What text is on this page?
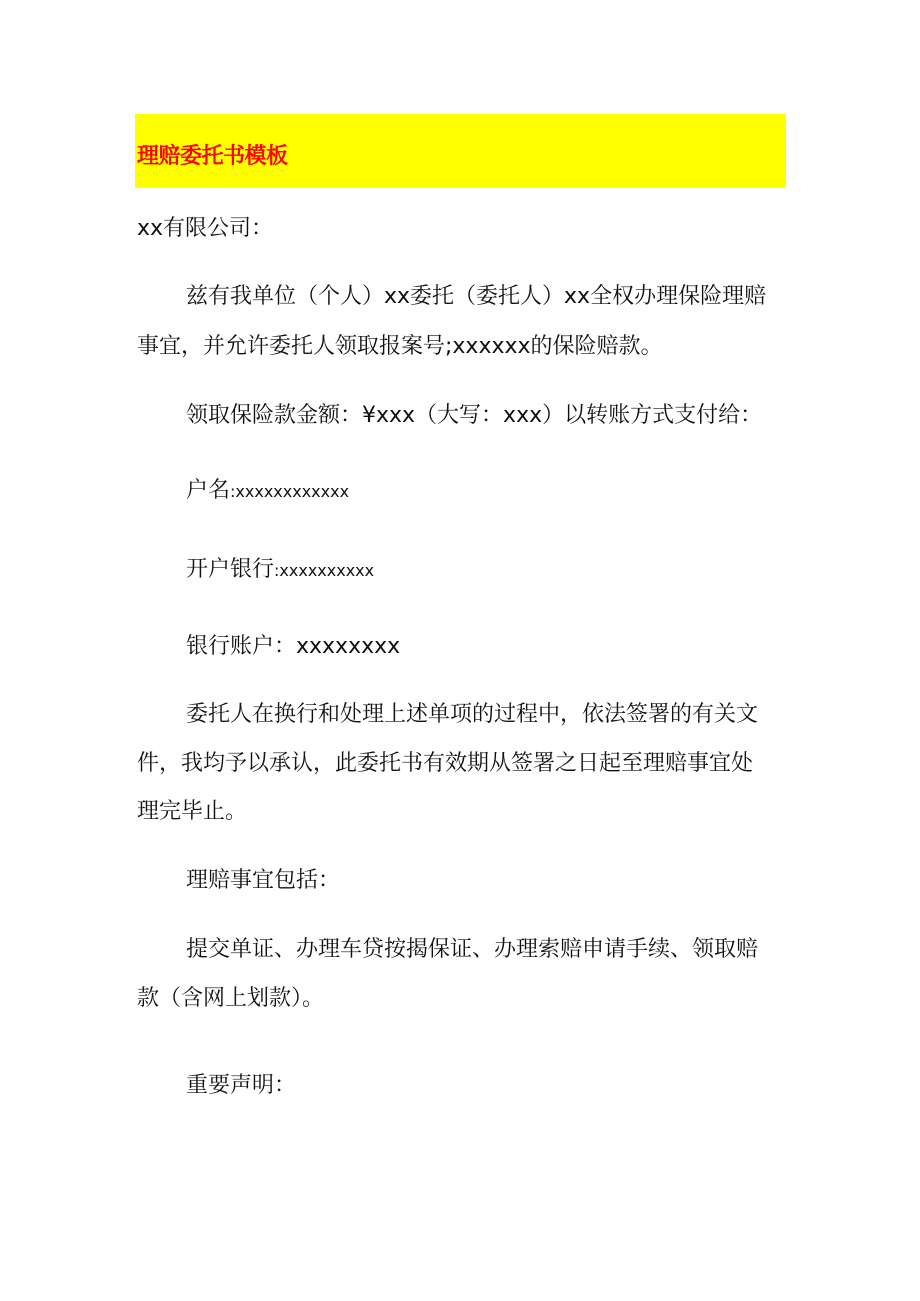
理赔委托书模板
xx有限公司：
兹有我单位（个人）xx委托（委托人）xx全权办理保险理赔
事宜，并允许委托人领取报案号;xxxxxx的保险赔款。
领取保险款金额：¥xxx（大写：xxx）以转账方式支付给：
户名:xxxxxxxxxxxx
开户银行:xxxxxxxxxx
银行账户：xxxxxxxx
委托人在换行和处理上述单项的过程中，依法签署的有关文
件，我均予以承认，此委托书有效期从签署之日起至理赔事宜处
理完毕止。
理赔事宜包括：
提交单证、办理车贷按揭保证、办理索赔申请手续、领取赔
款（含网上划款）。
重要声明：
